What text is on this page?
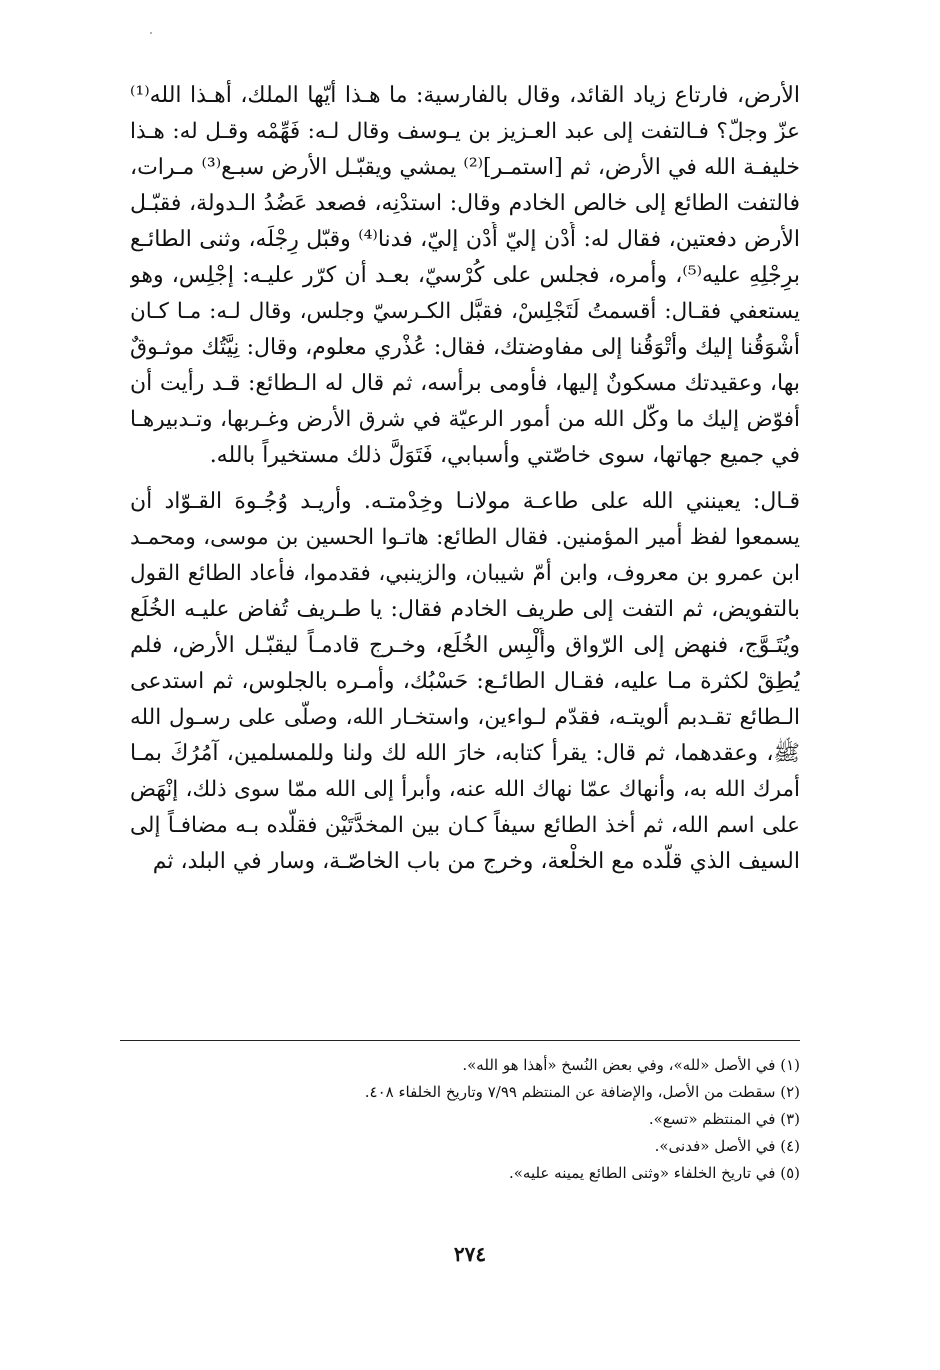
الأرض، فارتاع زياد القائد، وقال بالفارسية: ما هـذا أيّها الملك، أهـذا الله⁽¹⁾
عزّ وجلّ؟ فـالتفت إلى عبد العـزيز بن يـوسف وقال لـه: فَهِّمْه وقـل له: هـذا
خليفـة الله في الأرض، ثم [استمـر]⁽²⁾ يمشي ويقبّـل الأرض سبـع⁽³⁾ مـرات،
فالتفت الطائع إلى خالص الخادم وقال: استدْنِه، فصعد عَضُدُ الـدولة، فقبّـل
الأرض دفعتين، فقال له: أُدْن إليّ أُدْن إليّ، فدنا⁽⁴⁾ وقبّل رِجْلَه، وثنى الطائـع
برِجْلِهِ عليه⁽⁵⁾، وأمره، فجلس على كُرْسيّ، بعـد أن كرّر عليـه: إجْلِس، وهو
يستعفي فقـال: أقسمتُ لَتَجْلِسْ، فقبَّل الكـرسيّ وجلس، وقال لـه: مـا كـان
أشْوَقُنا إليك وأتْوَقُنا إلى مفاوضتك، فقال: عُذْري معلوم، وقال: نِيَّتُك موثـوقٌ
بها، وعقيدتك مسكونٌ إليها، فأومى برأسه، ثم قال له الـطائع: قـد رأيت أن
أفوّض إليك ما وكّل الله من أمور الرعيّة في شرق الأرض وغـربها، وتـدبيرهـا
في جميع جهاتها، سوى خاصّتي وأسبابي، فَتَوَلَّ ذلك مستخيراً بالله.

قـال: يعينني الله على طاعـة مولانـا وخِدْمتـه. وأريـد وُجُـوهَ القـوّاد أن
يسمعوا لفظ أمير المؤمنين. فقال الطائع: هاتـوا الحسين بن موسى، ومحمـد
ابن عمرو بن معروف، وابن أمّ شيبان، والزينبي، فقدموا، فأعاد الطائع القول
بالتفويض، ثم التفت إلى طريف الخادم فقال: يا طـريف تُفاض عليـه الخُلَع
ويُتَـوَّج، فنهض إلى الرّواق وأُلْبِس الخُلَع، وخـرج قادمـاً ليقبّـل الأرض، فلم
يُطِقْ لكثرة مـا عليه، فقـال الطائـع: حَسْبُك، وأمـره بالجلوس، ثم استدعى
الـطائع تقـدبم ألويتـه، فقدّم لـواءين، واستخـار الله، وصلّى على رسـول الله
ﷺ، وعقدهما، ثم قال: يقرأ كتابه، خارَ الله لك ولنا وللمسلمين، آمُرُكَ بمـا
أمرك الله به، وأنهاك عمّا نهاك الله عنه، وأبرأ إلى الله ممّا سوى ذلك، إنْهَض
على اسم الله، ثم أخذ الطائع سيفاً كـان بين المخدَّتَيْن فقلّده بـه مضافـاً إلى
السيف الذي قلّده مع الخلْعة، وخرج من باب الخاصّـة، وسار في البلد، ثم

(١) في الأصل «لله»، وفي بعض النُسخ «أهذا هو الله».
(٢) سقطت من الأصل، والإضافة عن المنتظم ٧/٩٩ وتاريخ الخلفاء ٤٠٨.
(٣) في المنتظم «تسع».
(٤) في الأصل «فدنى».
(٥) في تاريخ الخلفاء «وثنى الطائع يمينه عليه».
٢٧٤
